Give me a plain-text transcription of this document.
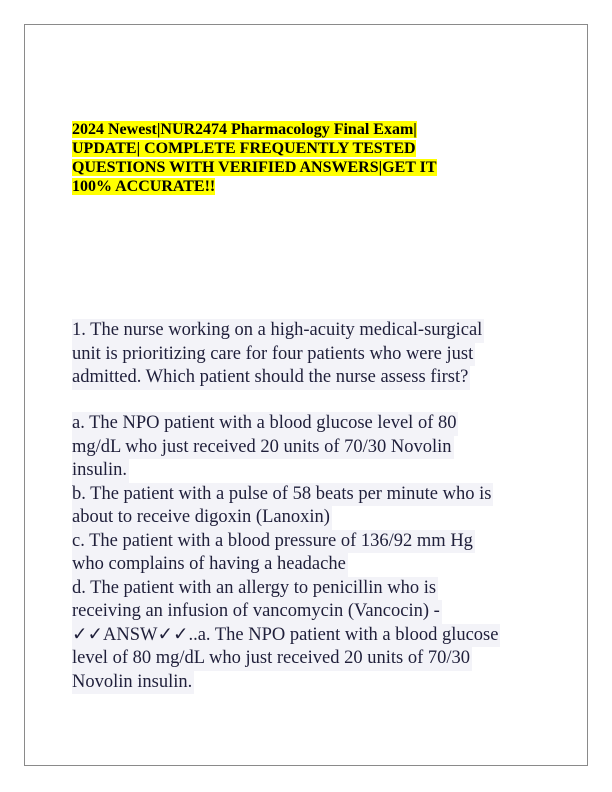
2024 Newest|NUR2474 Pharmacology Final Exam|
UPDATE| COMPLETE FREQUENTLY TESTED
QUESTIONS WITH VERIFIED ANSWERS|GET IT
100% ACCURATE!!
1. The nurse working on a high-acuity medical-surgical
unit is prioritizing care for four patients who were just
admitted. Which patient should the nurse assess first?
a. The NPO patient with a blood glucose level of 80
mg/dL who just received 20 units of 70/30 Novolin
insulin.
b. The patient with a pulse of 58 beats per minute who is
about to receive digoxin (Lanoxin)
c. The patient with a blood pressure of 136/92 mm Hg
who complains of having a headache
d. The patient with an allergy to penicillin who is
receiving an infusion of vancomycin (Vancocin) -
✓✓ANSW✓✓..a. The NPO patient with a blood glucose
level of 80 mg/dL who just received 20 units of 70/30
Novolin insulin.
